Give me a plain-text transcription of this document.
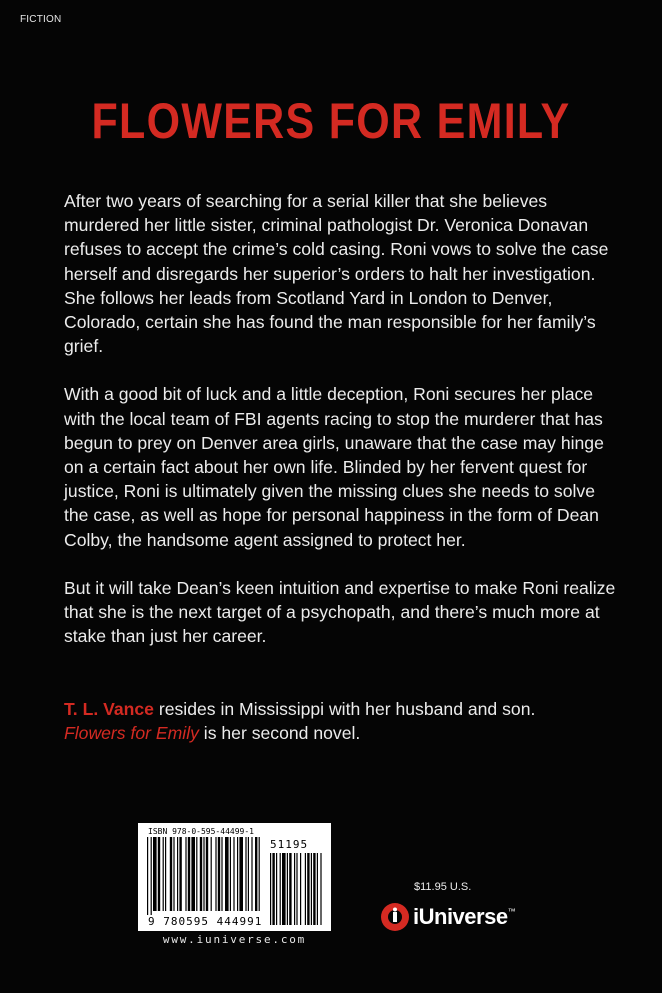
FICTION
FLOWERS FOR EMILY

After two years of searching for a serial killer that she believes murdered her little sister, criminal pathologist Dr. Veronica Donavan refuses to accept the crime’s cold casing. Roni vows to solve the case herself and disregards her superior’s orders to halt her investigation. She follows her leads from Scotland Yard in London to Denver, Colorado, certain she has found the man responsible for her family’s grief.

With a good bit of luck and a little deception, Roni secures her place with the local team of FBI agents racing to stop the murderer that has begun to prey on Denver area girls, unaware that the case may hinge on a certain fact about her own life. Blinded by her fervent quest for justice, Roni is ultimately given the missing clues she needs to solve the case, as well as hope for personal happiness in the form of Dean Colby, the handsome agent assigned to protect her.

But it will take Dean’s keen intuition and expertise to make Roni realize that she is the next target of a psychopath, and there’s much more at stake than just her career.

T. L. Vance resides in Mississippi with her husband and son.
Flowers for Emily is her second novel.
ISBN 978-0-595-44499-1
51195
9 780595 444991
www.iuniverse.com
$11.95 U.S.
iUniverse ™
